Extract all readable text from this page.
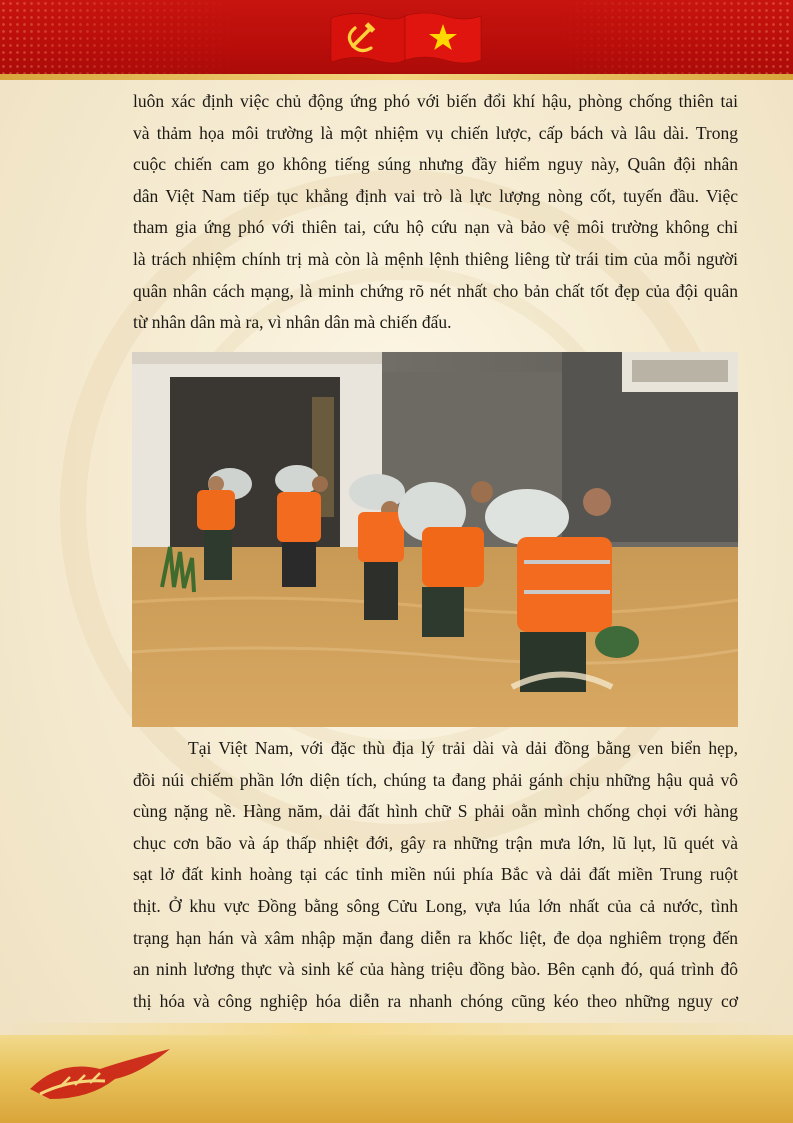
luôn xác định việc chủ động ứng phó với biến đổi khí hậu, phòng chống thiên tai
và thảm họa môi trường là một nhiệm vụ chiến lược, cấp bách và lâu dài. Trong
cuộc chiến cam go không tiếng súng nhưng đầy hiểm nguy này, Quân đội nhân
dân Việt Nam tiếp tục khẳng định vai trò là lực lượng nòng cốt, tuyến đầu. Việc
tham gia ứng phó với thiên tai, cứu hộ cứu nạn và bảo vệ môi trường không chỉ
là trách nhiệm chính trị mà còn là mệnh lệnh thiêng liêng từ trái tim của mỗi người
quân nhân cách mạng, là minh chứng rõ nét nhất cho bản chất tốt đẹp của đội quân
từ nhân dân mà ra, vì nhân dân mà chiến đấu.
Tại Việt Nam, với đặc thù địa lý trải dài và dải đồng bằng ven biển hẹp,
đồi núi chiếm phần lớn diện tích, chúng ta đang phải gánh chịu những hậu quả vô
cùng nặng nề. Hàng năm, dải đất hình chữ S phải oằn mình chống chọi với hàng
chục cơn bão và áp thấp nhiệt đới, gây ra những trận mưa lớn, lũ lụt, lũ quét và
sạt lở đất kinh hoàng tại các tỉnh miền núi phía Bắc và dải đất miền Trung ruột
thịt. Ở khu vực Đồng bằng sông Cửu Long, vựa lúa lớn nhất của cả nước, tình
trạng hạn hán và xâm nhập mặn đang diễn ra khốc liệt, đe dọa nghiêm trọng đến
an ninh lương thực và sinh kế của hàng triệu đồng bào. Bên cạnh đó, quá trình đô
thị hóa và công nghiệp hóa diễn ra nhanh chóng cũng kéo theo những nguy cơ
